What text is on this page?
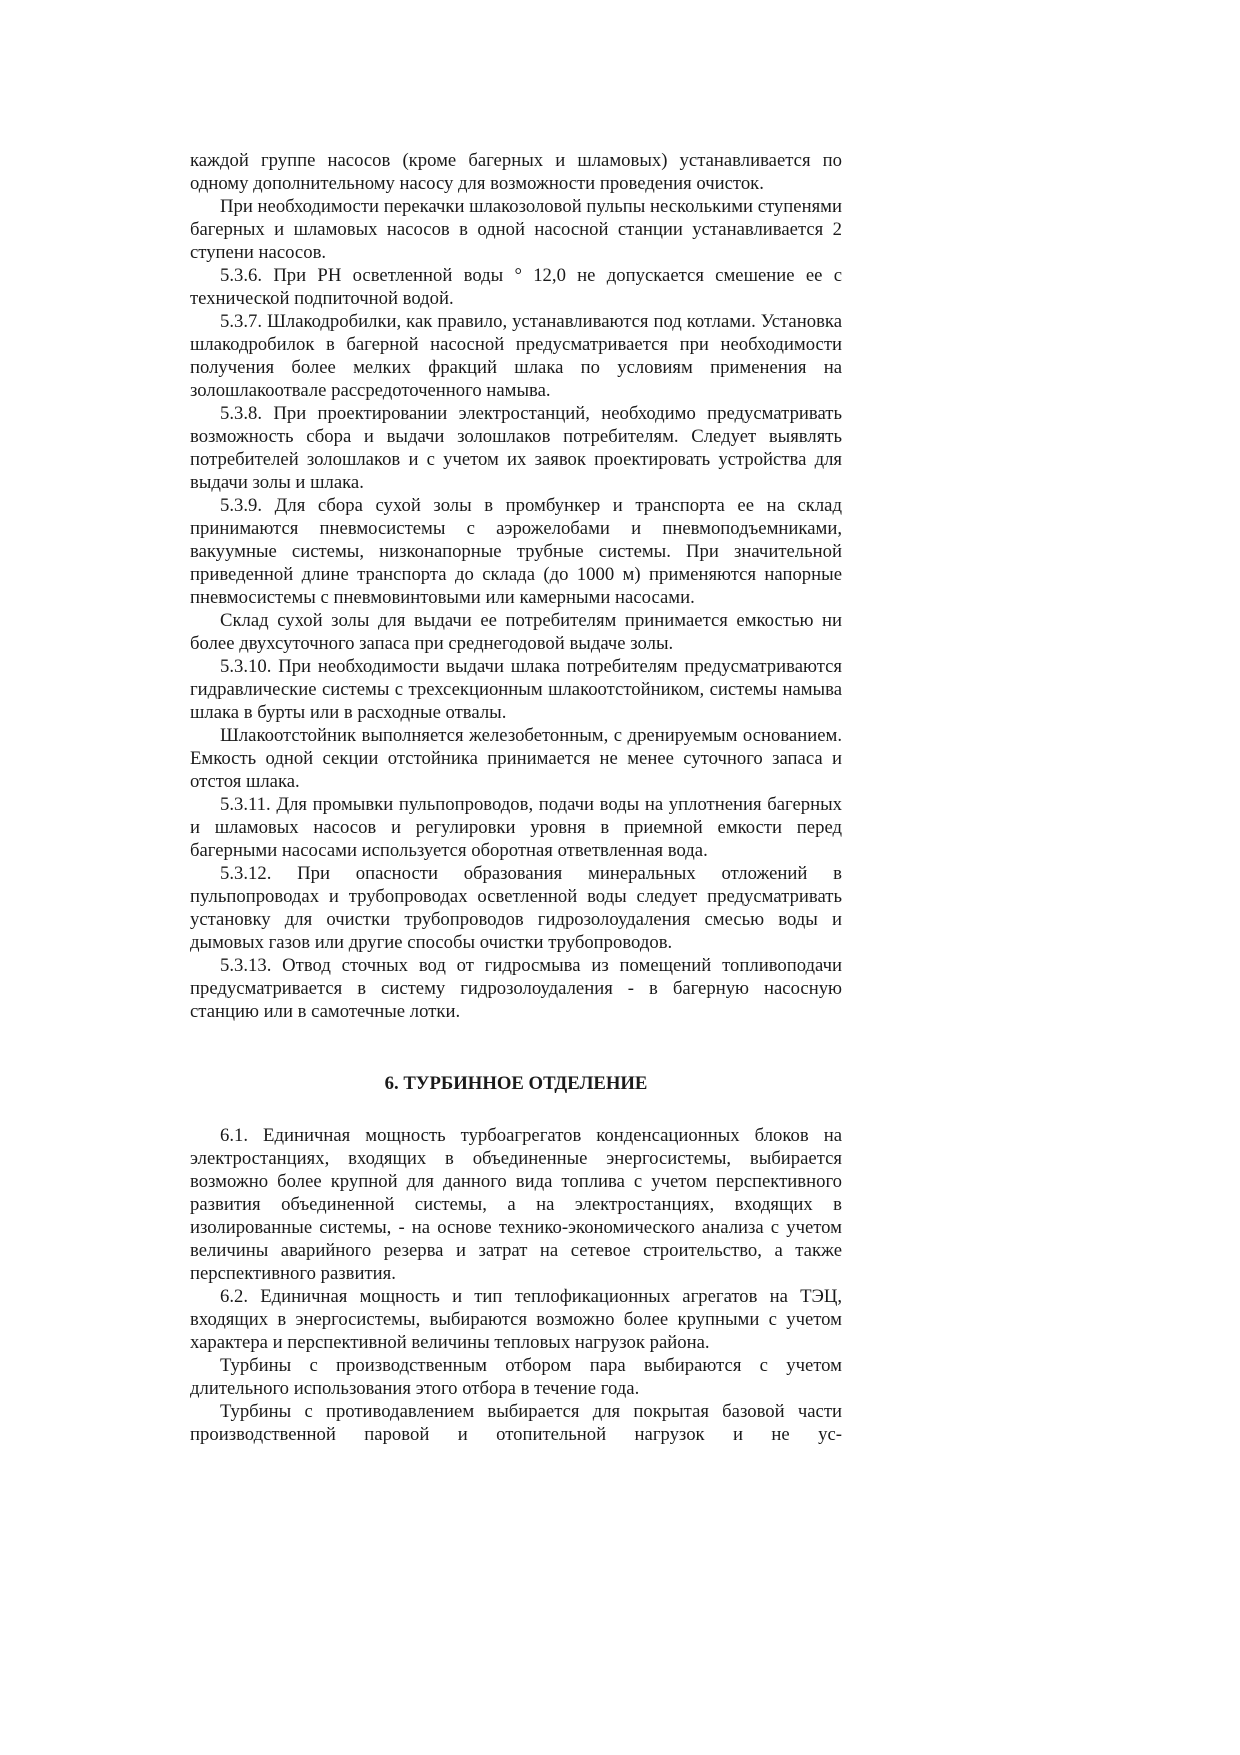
каждой группе насосов (кроме багерных и шламовых) устанавливается по одному дополнительному насосу для возможности проведения очисток.

При необходимости перекачки шлакозоловой пульпы несколькими ступенями багерных и шламовых насосов в одной насосной станции устанавливается 2 ступени насосов.

5.3.6. При PH осветленной воды ° 12,0 не допускается смешение ее с технической подпиточной водой.

5.3.7. Шлакодробилки, как правило, устанавливаются под котлами. Установка шлакодробилок в багерной насосной предусматривается при необходимости получения более мелких фракций шлака по условиям применения на золошлакоотвале рассредоточенного намыва.

5.3.8. При проектировании электростанций, необходимо предусматривать возможность сбора и выдачи золошлаков потребителям. Следует выявлять потребителей золошлаков и с учетом их заявок проектировать устройства для выдачи золы и шлака.

5.3.9. Для сбора сухой золы в промбункер и транспорта ее на склад принимаются пневмосистемы с аэрожелобами и пневмоподъемниками, вакуумные системы, низконапорные трубные системы. При значительной приведенной длине транспорта до склада (до 1000 м) применяются напорные пневмосистемы с пневмовинтовыми или камерными насосами.

Склад сухой золы для выдачи ее потребителям принимается емкостью ни более двухсуточного запаса при среднегодовой выдаче золы.

5.3.10. При необходимости выдачи шлака потребителям предусматриваются гидравлические системы с трехсекционным шлакоотстойником, системы намыва шлака в бурты или в расходные отвалы.

Шлакоотстойник выполняется железобетонным, с дренируемым основанием. Емкость одной секции отстойника принимается не менее суточного запаса и отстоя шлака.

5.3.11. Для промывки пульпопроводов, подачи воды на уплотнения багерных и шламовых насосов и регулировки уровня в приемной емкости перед багерными насосами используется оборотная ответвленная вода.

5.3.12. При опасности образования минеральных отложений в пульпопроводах и трубопроводах осветленной воды следует предусматривать установку для очистки трубопроводов гидрозолоудаления смесью воды и дымовых газов или другие способы очистки трубопроводов.

5.3.13. Отвод сточных вод от гидросмыва из помещений топливоподачи предусматривается в систему гидрозолоудаления - в багерную насосную станцию или в самотечные лотки.

6. ТУРБИННОЕ ОТДЕЛЕНИЕ

6.1. Единичная мощность турбоагрегатов конденсационных блоков на электростанциях, входящих в объединенные энергосистемы, выбирается возможно более крупной для данного вида топлива с учетом перспективного развития объединенной системы, а на электростанциях, входящих в изолированные системы, - на основе технико-экономического анализа с учетом величины аварийного резерва и затрат на сетевое строительство, а также перспективного развития.

6.2. Единичная мощность и тип теплофикационных агрегатов на ТЭЦ, входящих в энергосистемы, выбираются возможно более крупными с учетом характера и перспективной величины тепловых нагрузок района.

Турбины с производственным отбором пара выбираются с учетом длительного использования этого отбора в течение года.

Турбины с противодавлением выбирается для покрытая базовой части производственной паровой и отопительной нагрузок и не ус-
